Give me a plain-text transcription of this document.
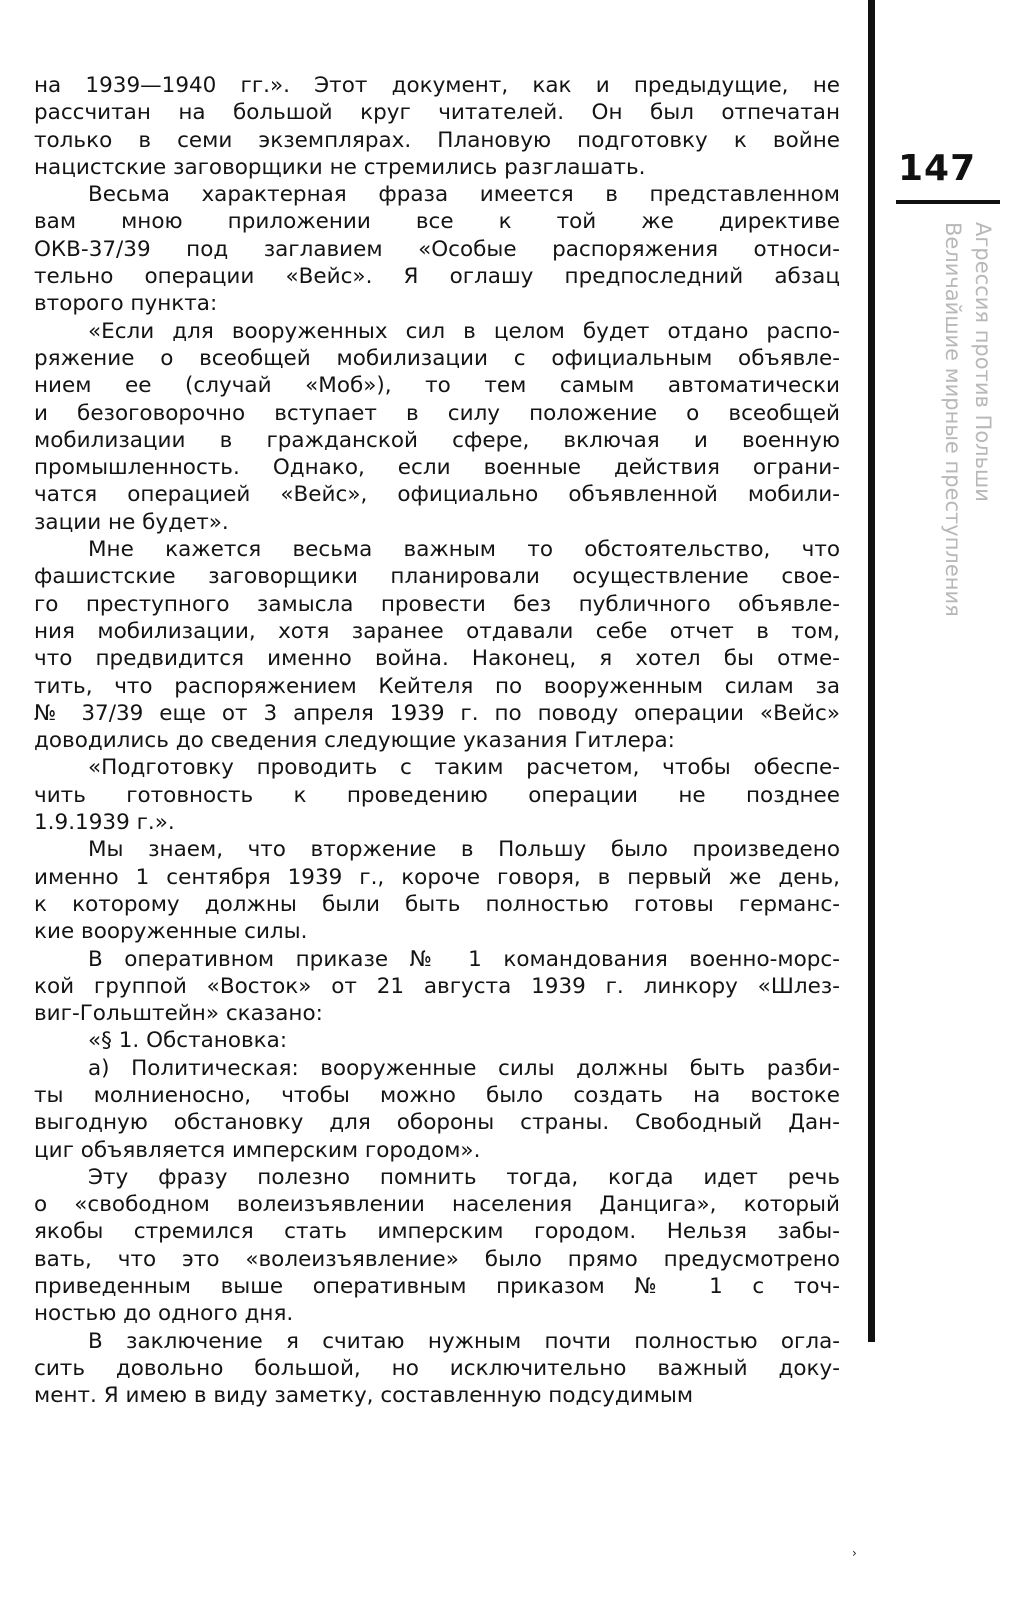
на 1939—1940 гг.». Этот документ, как и предыдущие, не
рассчитан на большой круг читателей. Он был отпечатан
только в семи экземплярах. Плановую подготовку к войне
нацистские заговорщики не стремились разглашать.

Весьма характерная фраза имеется в представленном
вам мною приложении все к той же директиве
ОКВ-37/39 под заглавием «Особые распоряжения относи-
тельно операции «Вейс». Я оглашу предпоследний абзац
второго пункта:

«Если для вооруженных сил в целом будет отдано распо-
ряжение о всеобщей мобилизации с официальным объявле-
нием ее (случай «Моб»), то тем самым автоматически
и безоговорочно вступает в силу положение о всеобщей
мобилизации в гражданской сфере, включая и военную
промышленность. Однако, если военные действия ограни-
чатся операцией «Вейс», официально объявленной мобили-
зации не будет».

Мне кажется весьма важным то обстоятельство, что
фашистские заговорщики планировали осуществление свое-
го преступного замысла провести без публичного объявле-
ния мобилизации, хотя заранее отдавали себе отчет в том,
что предвидится именно война. Наконец, я хотел бы отме-
тить, что распоряжением Кейтеля по вооруженным силам за
№ 37/39 еще от 3 апреля 1939 г. по поводу операции «Вейс»
доводились до сведения следующие указания Гитлера:

«Подготовку проводить с таким расчетом, чтобы обеспе-
чить готовность к проведению операции не позднее
1.9.1939 г.».

Мы знаем, что вторжение в Польшу было произведено
именно 1 сентября 1939 г., короче говоря, в первый же день,
к которому должны были быть полностью готовы германс-
кие вооруженные силы.

В оперативном приказе № 1 командования военно-морс-
кой группой «Восток» от 21 августа 1939 г. линкору «Шлез-
виг-Гольштейн» сказано:

«§ 1. Обстановка:

а) Политическая: вооруженные силы должны быть разби-
ты молниеносно, чтобы можно было создать на востоке
выгодную обстановку для обороны страны. Свободный Дан-
циг объявляется имперским городом».

Эту фразу полезно помнить тогда, когда идет речь
о «свободном волеизъявлении населения Данцига», который
якобы стремился стать имперским городом. Нельзя забы-
вать, что это «волеизъявление» было прямо предусмотрено
приведенным выше оперативным приказом № 1 с точ-
ностью до одного дня.

В заключение я считаю нужным почти полностью огла-
сить довольно большой, но исключительно важный доку-
мент. Я имею в виду заметку, составленную подсудимым

147
Агрессия против Польши
Величайшие мирные преступления
›
